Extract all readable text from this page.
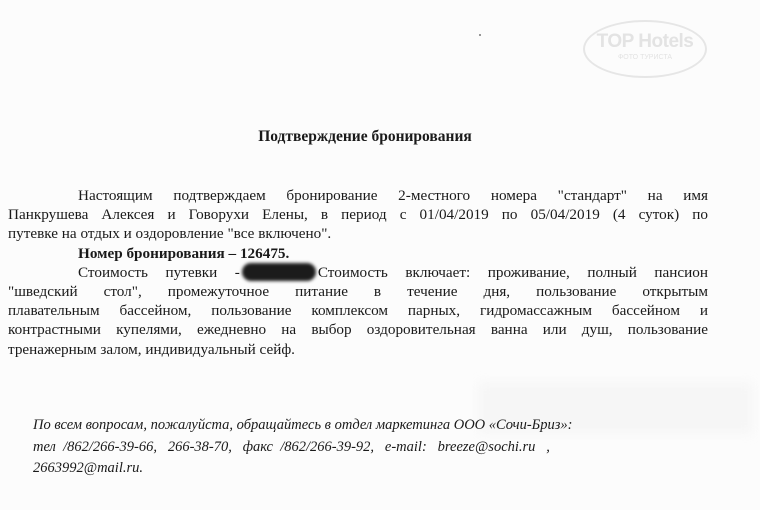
TOP Hotels
ФОТО ТУРИСТА
Подтверждение бронирования
Настоящим подтверждаем бронирование 2-местного номера "стандарт" на имя
Панкрушева Алексея и Говорухи Елены, в период с 01/04/2019 по 05/04/2019 (4 суток) по
путевке на отдых и оздоровление "все включено".
Номер бронирования – 126475.
Стоимость путевки -	Стоимость включает: проживание, полный пансион
"шведский стол", промежуточное питание в течение дня, пользование открытым
плавательным бассейном, пользование комплексом парных, гидромассажным бассейном и
контрастными купелями, ежедневно на выбор оздоровительная ванна или душ, пользование
тренажерным залом, индивидуальный сейф.
По всем вопросам, пожалуйста, обращайтесь в отдел маркетинга ООО «Сочи-Бриз»:
тел  /862/266-39-66,   266-38-70,   факс  /862/266-39-92,   e-mail:   breeze@sochi.ru   ,
2663992@mail.ru.
